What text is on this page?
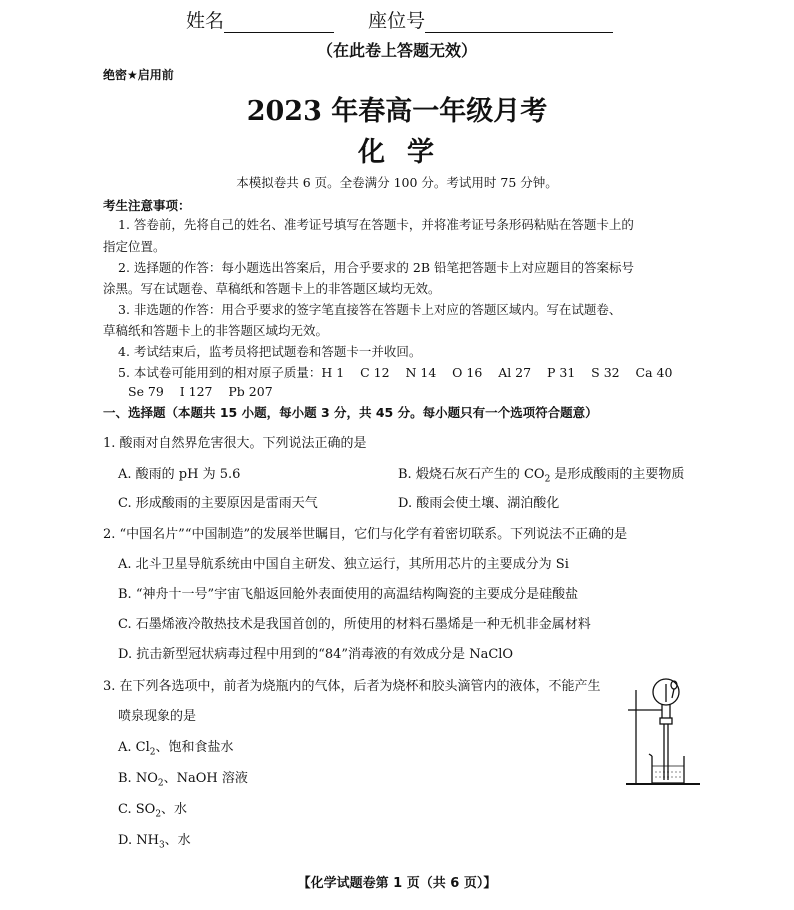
姓名	座位号
（在此卷上答题无效）
绝密★启用前
2023 年春高一年级月考
化学
本模拟卷共 6 页。全卷满分 100 分。考试用时 75 分钟。
考生注意事项：
1. 答卷前，先将自己的姓名、准考证号填写在答题卡，并将准考证号条形码粘贴在答题卡上的
指定位置。
2. 选择题的作答：每小题选出答案后，用合乎要求的 2B 铅笔把答题卡上对应题目的答案标号
涂黑。写在试题卷、草稿纸和答题卡上的非答题区域均无效。
3. 非选题的作答：用合乎要求的签字笔直接答在答题卡上对应的答题区域内。写在试题卷、
草稿纸和答题卡上的非答题区域均无效。
4. 考试结束后，监考员将把试题卷和答题卡一并收回。
5. 本试卷可能用到的相对原子质量：H 1    C 12    N 14    O 16    Al 27    P 31    S 32    Ca 40
Se 79    I 127    Pb 207
一、选择题（本题共 15 小题，每小题 3 分，共 45 分。每小题只有一个选项符合题意）
1. 酸雨对自然界危害很大。下列说法正确的是
A. 酸雨的 pH 为 5.6	B. 煅烧石灰石产生的 $CO_2$ 是形成酸雨的主要物质
C. 形成酸雨的主要原因是雷雨天气	D. 酸雨会使土壤、湖泊酸化
2. “中国名片”“中国制造”的发展举世瞩目，它们与化学有着密切联系。下列说法不正确的是
A. 北斗卫星导航系统由中国自主研发、独立运行，其所用芯片的主要成分为 Si
B. “神舟十一号”宇宙飞船返回舱外表面使用的高温结构陶瓷的主要成分是硅酸盐
C. 石墨烯液冷散热技术是我国首创的，所使用的材料石墨烯是一种无机非金属材料
D. 抗击新型冠状病毒过程中用到的“84”消毒液的有效成分是 NaClO
3. 在下列各选项中，前者为烧瓶内的气体，后者为烧杯和胶头滴管内的液体，不能产生
喷泉现象的是
A. $Cl_2$、饱和食盐水
B. $NO_2$、NaOH 溶液
C. $SO_2$、水
D. $NH_3$、水
【化学试题卷第 1 页（共 6 页）】
